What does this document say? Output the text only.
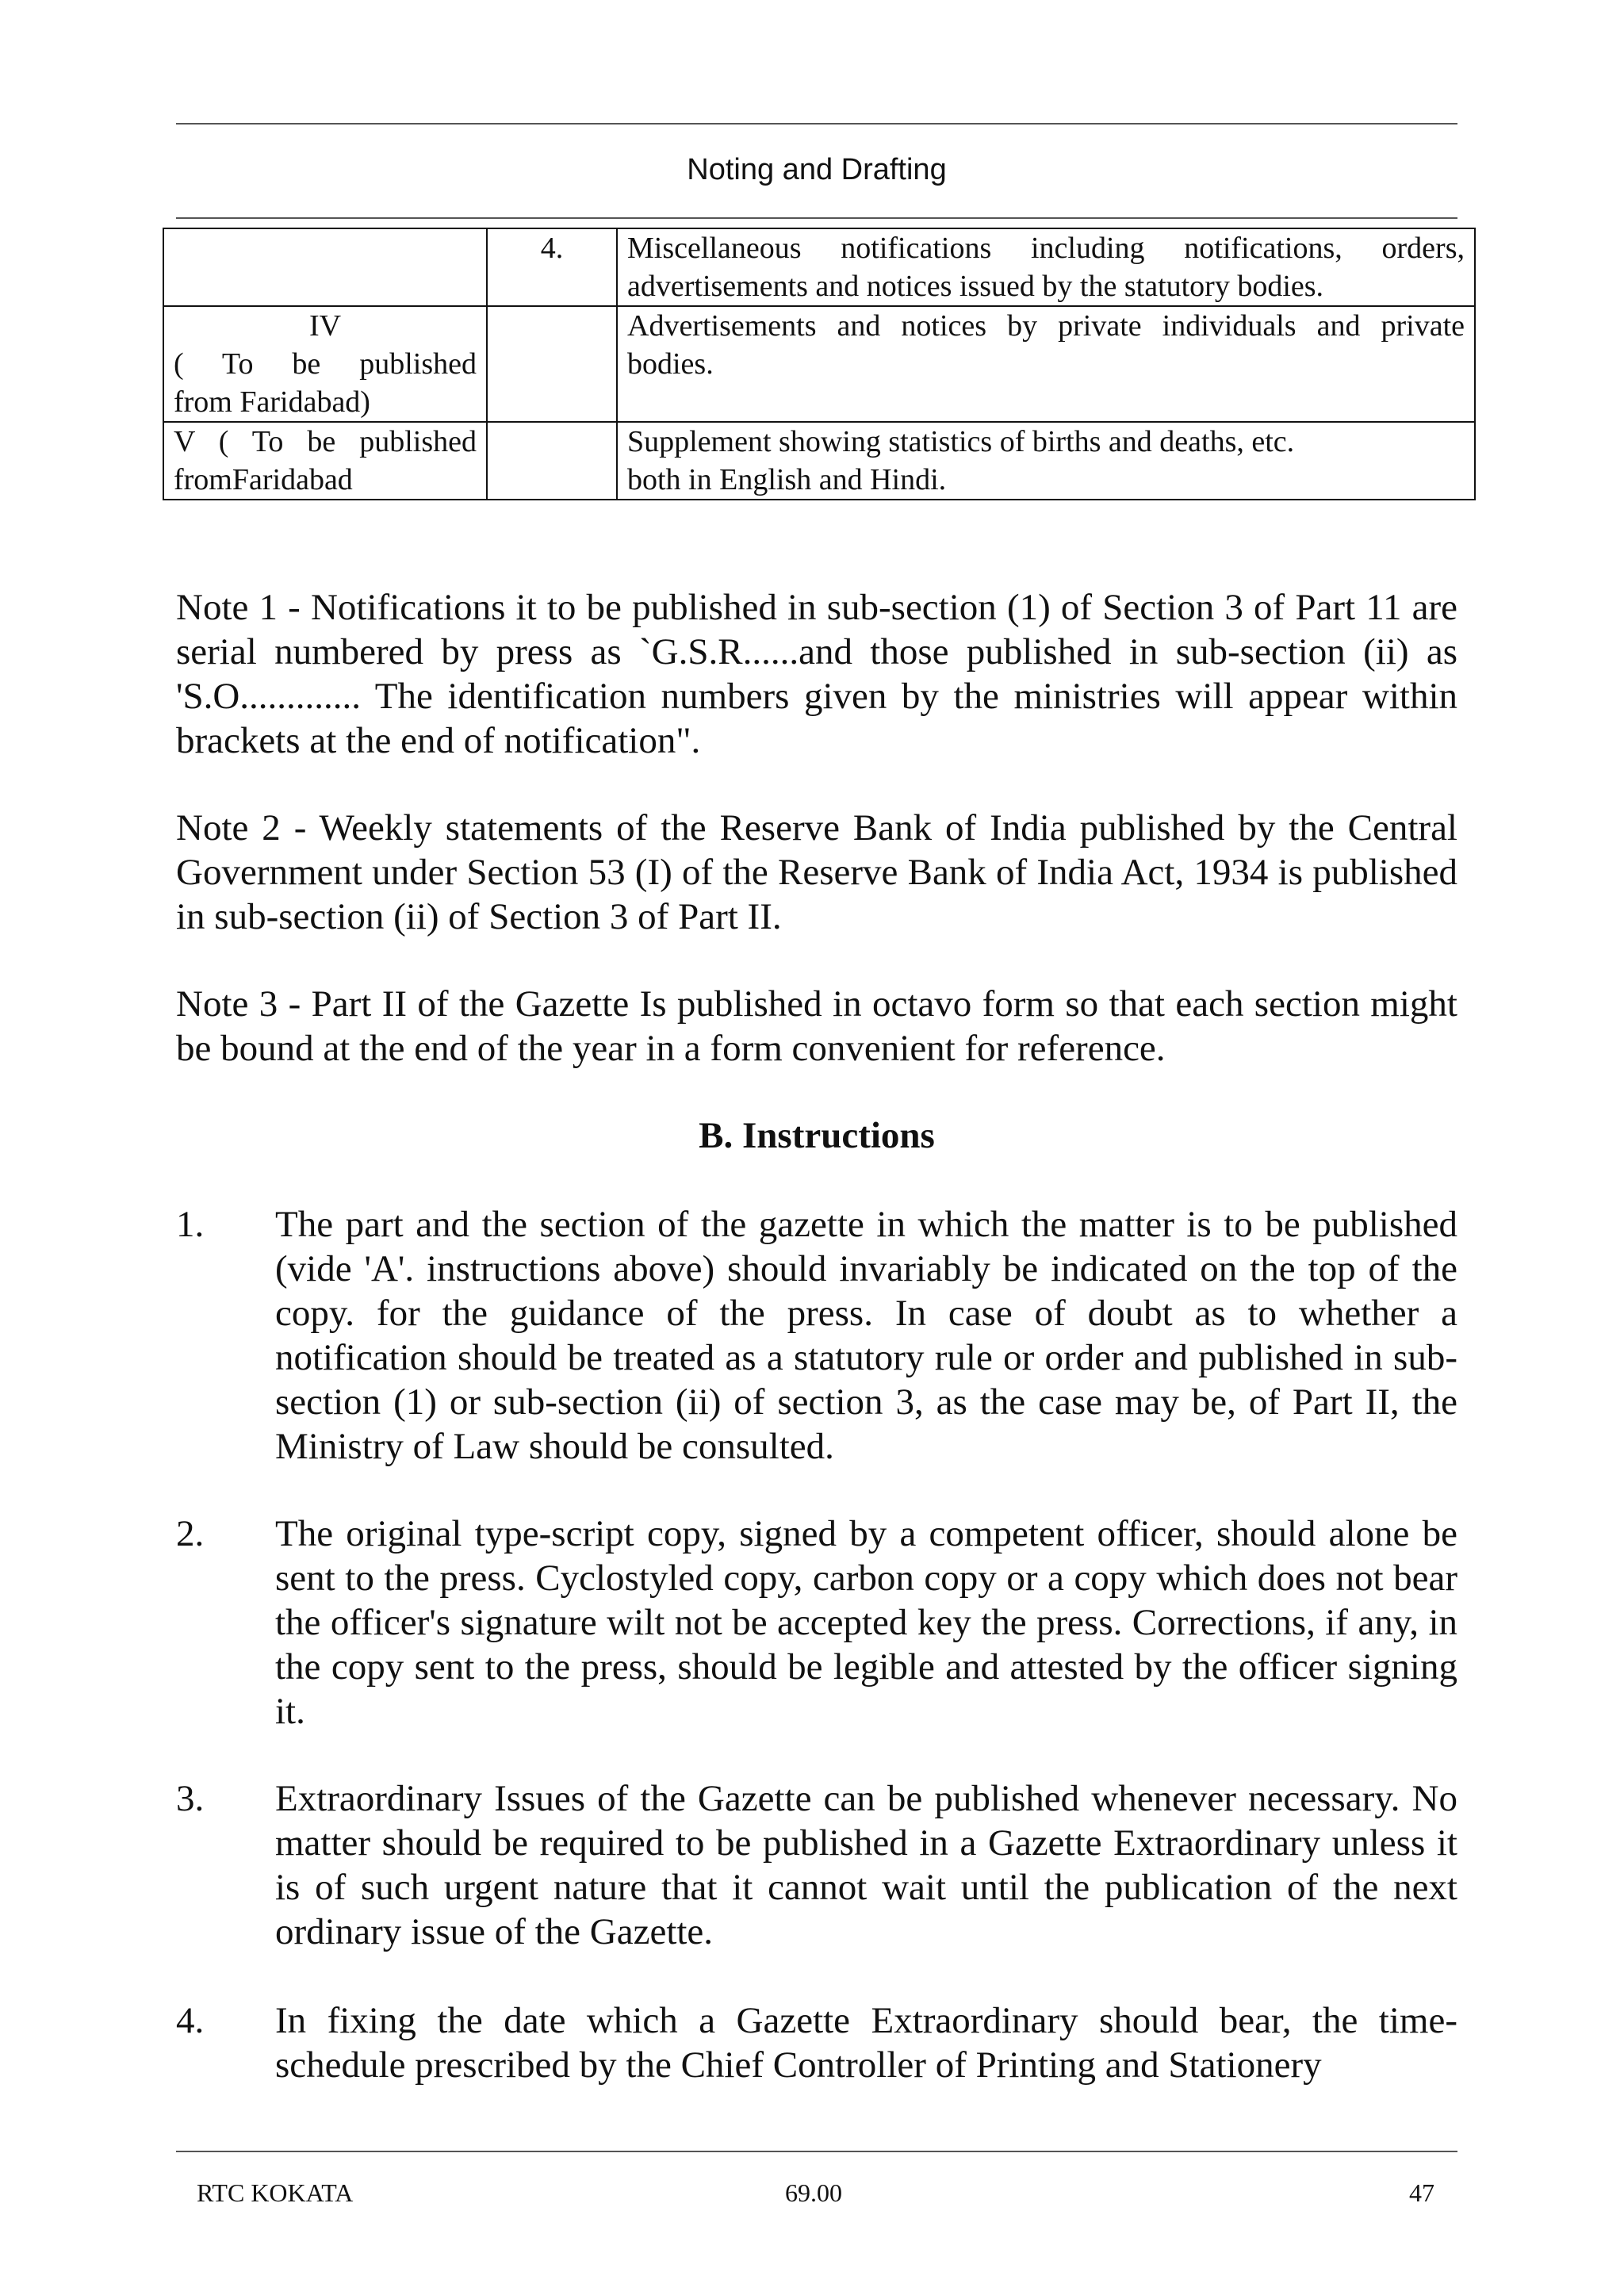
Noting and Drafting
	4.	Miscellaneous notifications including notifications, orders, advertisements and notices issued by the statutory bodies.

IV
( To be published
from Faridabad)		Advertisements and notices by private individuals and private bodies.

V ( To be published
fromFaridabad		Supplement showing statistics of births and deaths, etc.
both in English and Hindi.

Note 1 - Notifications it to be published in sub-section (1) of Section 3 of Part 11 are serial numbered by press as `G.S.R......and those published in sub-section (ii) as 'S.O............. The identification numbers given by the ministries will appear within brackets at the end of notification".

Note 2 - Weekly statements of the Reserve Bank of India published by the Central Government under Section 53 (I) of the Reserve Bank of India Act, 1934 is published in sub-section (ii) of Section 3 of Part II.

Note 3 - Part II of the Gazette Is published in octavo form so that each section might be bound at the end of the year in a form convenient for reference.

B. Instructions
1.	The part and the section of the gazette in which the matter is to be published (vide 'A'. instructions above) should invariably be indicated on the top of the copy. for the guidance of the press. In case of doubt as to whether a notification should be treated as a statutory rule or order and published in sub-section (1) or sub-section (ii) of section 3, as the case may be, of Part II, the Ministry of Law should be consulted.
2.	The original type-script copy, signed by a competent officer, should alone be sent to the press. Cyclostyled copy, carbon copy or a copy which does not bear the officer's signature wilt not be accepted key the press. Corrections, if any, in the copy sent to the press, should be legible and attested by the officer signing it.
3.	Extraordinary Issues of the Gazette can be published whenever necessary. No matter should be required to be published in a Gazette Extraordinary unless it is of such urgent nature that it cannot wait until the publication of the next ordinary issue of the Gazette.
4.	In fixing the date which a Gazette Extraordinary should bear, the time-schedule prescribed by the Chief Controller of Printing and Stationery
RTC KOKATA	69.00	47
